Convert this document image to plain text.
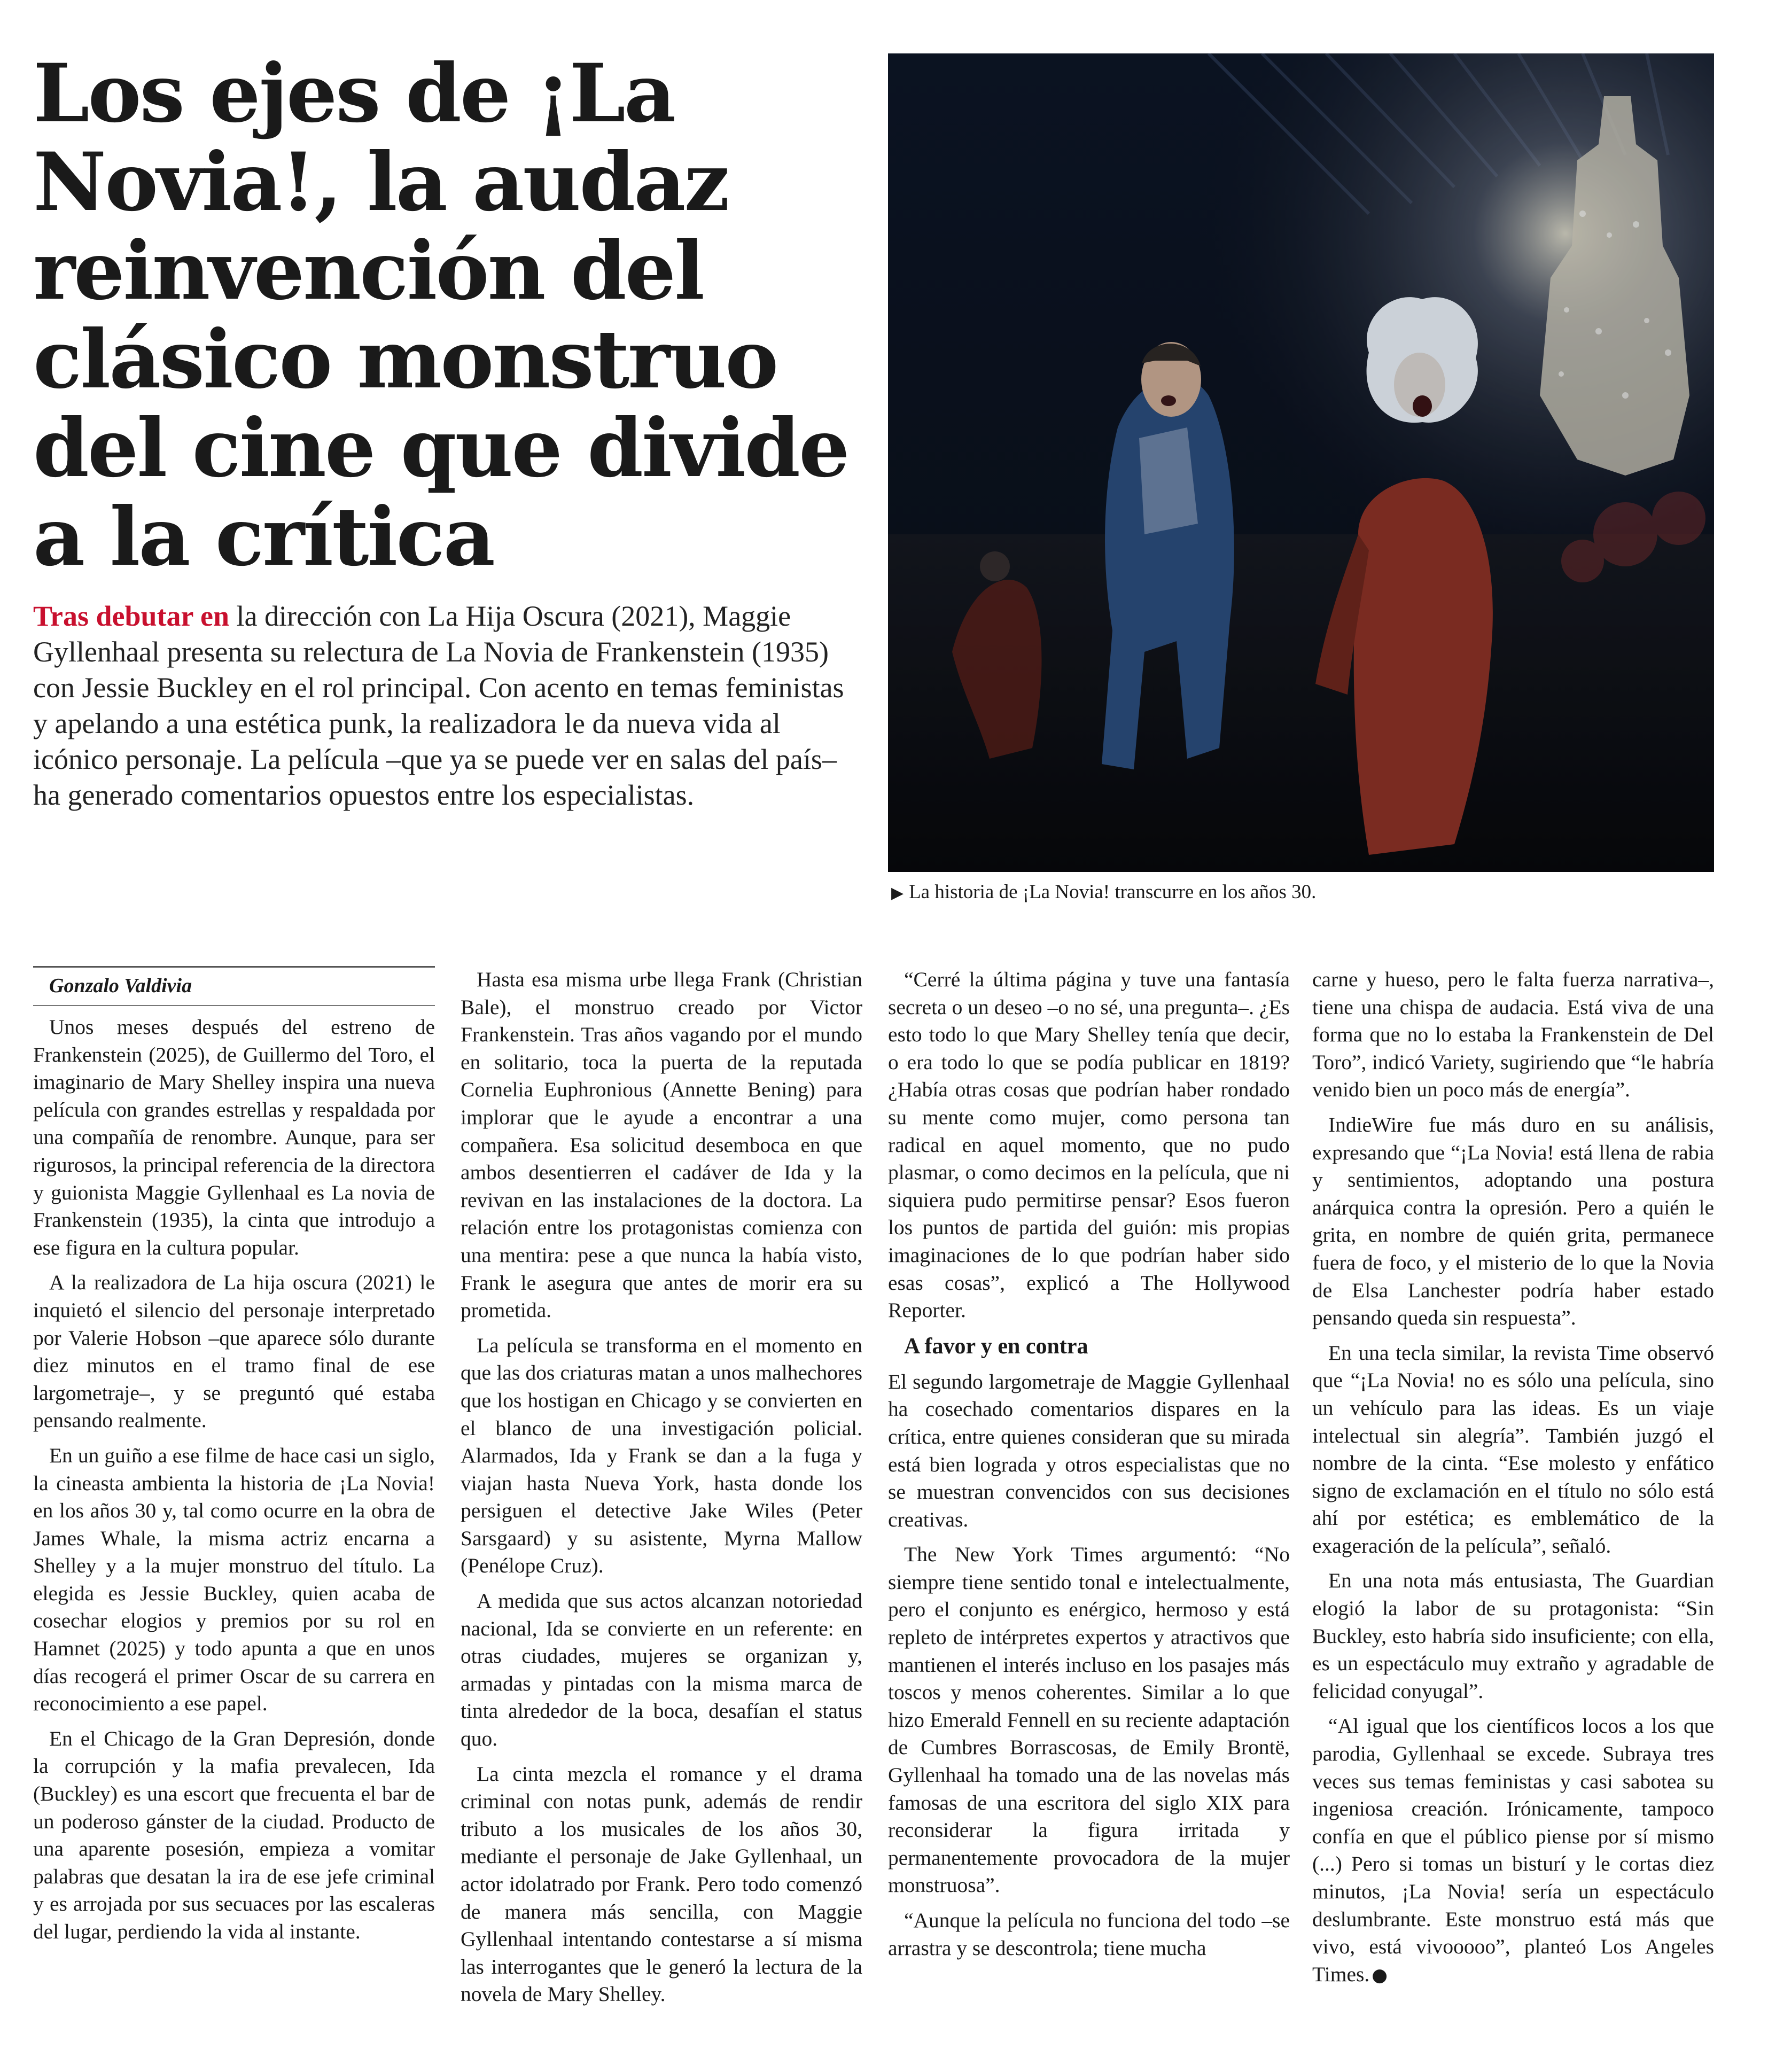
Los ejes de ¡La Novia!, la audaz reinvención del clásico monstruo del cine que divide a la crítica

Tras debutar en la dirección con La Hija Oscura (2021), Maggie Gyllenhaal presenta su relectura de La Novia de Frankenstein (1935) con Jessie Buckley en el rol principal. Con acento en temas feministas y apelando a una estética punk, la realizadora le da nueva vida al icónico personaje. La película –que ya se puede ver en salas del país– ha generado comentarios opuestos entre los especialistas.

▶ La historia de ¡La Novia! transcurre en los años 30.

Gonzalo Valdivia

Unos meses después del estreno de Frankenstein (2025), de Guillermo del Toro, el imaginario de Mary Shelley inspira una nueva película con grandes estrellas y respaldada por una compañía de renombre. Aunque, para ser rigurosos, la principal referencia de la directora y guionista Maggie Gyllenhaal es La novia de Frankenstein (1935), la cinta que introdujo a ese figura en la cultura popular.

A la realizadora de La hija oscura (2021) le inquietó el silencio del personaje interpretado por Valerie Hobson –que aparece sólo durante diez minutos en el tramo final de ese largometraje–, y se preguntó qué estaba pensando realmente.

En un guiño a ese filme de hace casi un siglo, la cineasta ambienta la historia de ¡La Novia! en los años 30 y, tal como ocurre en la obra de James Whale, la misma actriz encarna a Shelley y a la mujer monstruo del título. La elegida es Jessie Buckley, quien acaba de cosechar elogios y premios por su rol en Hamnet (2025) y todo apunta a que en unos días recogerá el primer Oscar de su carrera en reconocimiento a ese papel.

En el Chicago de la Gran Depresión, donde la corrupción y la mafia prevalecen, Ida (Buckley) es una escort que frecuenta el bar de un poderoso gánster de la ciudad. Producto de una aparente posesión, empieza a vomitar palabras que desatan la ira de ese jefe criminal y es arrojada por sus secuaces por las escaleras del lugar, perdiendo la vida al instante.

Hasta esa misma urbe llega Frank (Christian Bale), el monstruo creado por Victor Frankenstein. Tras años vagando por el mundo en solitario, toca la puerta de la reputada Cornelia Euphronious (Annette Bening) para implorar que le ayude a encontrar a una compañera. Esa solicitud desemboca en que ambos desentierren el cadáver de Ida y la revivan en las instalaciones de la doctora. La relación entre los protagonistas comienza con una mentira: pese a que nunca la había visto, Frank le asegura que antes de morir era su prometida.

La película se transforma en el momento en que las dos criaturas matan a unos malhechores que los hostigan en Chicago y se convierten en el blanco de una investigación policial. Alarmados, Ida y Frank se dan a la fuga y viajan hasta Nueva York, hasta donde los persiguen el detective Jake Wiles (Peter Sarsgaard) y su asistente, Myrna Mallow (Penélope Cruz).

A medida que sus actos alcanzan notoriedad nacional, Ida se convierte en un referente: en otras ciudades, mujeres se organizan y, armadas y pintadas con la misma marca de tinta alrededor de la boca, desafían el status quo.

La cinta mezcla el romance y el drama criminal con notas punk, además de rendir tributo a los musicales de los años 30, mediante el personaje de Jake Gyllenhaal, un actor idolatrado por Frank. Pero todo comenzó de manera más sencilla, con Maggie Gyllenhaal intentando contestarse a sí misma las interrogantes que le generó la lectura de la novela de Mary Shelley.

“Cerré la última página y tuve una fantasía secreta o un deseo –o no sé, una pregunta–. ¿Es esto todo lo que Mary Shelley tenía que decir, o era todo lo que se podía publicar en 1819? ¿Había otras cosas que podrían haber rondado su mente como mujer, como persona tan radical en aquel momento, que no pudo plasmar, o como decimos en la película, que ni siquiera pudo permitirse pensar? Esos fueron los puntos de partida del guión: mis propias imaginaciones de lo que podrían haber sido esas cosas”, explicó a The Hollywood Reporter.

A favor y en contra

El segundo largometraje de Maggie Gyllenhaal ha cosechado comentarios dispares en la crítica, entre quienes consideran que su mirada está bien lograda y otros especialistas que no se muestran convencidos con sus decisiones creativas.

The New York Times argumentó: “No siempre tiene sentido tonal e intelectualmente, pero el conjunto es enérgico, hermoso y está repleto de intérpretes expertos y atractivos que mantienen el interés incluso en los pasajes más toscos y menos coherentes. Similar a lo que hizo Emerald Fennell en su reciente adaptación de Cumbres Borrascosas, de Emily Brontë, Gyllenhaal ha tomado una de las novelas más famosas de una escritora del siglo XIX para reconsiderar la figura irritada y permanentemente provocadora de la mujer monstruosa”.

“Aunque la película no funciona del todo –se arrastra y se descontrola; tiene mucha

carne y hueso, pero le falta fuerza narrativa–, tiene una chispa de audacia. Está viva de una forma que no lo estaba la Frankenstein de Del Toro”, indicó Variety, sugiriendo que “le habría venido bien un poco más de energía”.

IndieWire fue más duro en su análisis, expresando que “¡La Novia! está llena de rabia y sentimientos, adoptando una postura anárquica contra la opresión. Pero a quién le grita, en nombre de quién grita, permanece fuera de foco, y el misterio de lo que la Novia de Elsa Lanchester podría haber estado pensando queda sin respuesta”.

En una tecla similar, la revista Time observó que “¡La Novia! no es sólo una película, sino un vehículo para las ideas. Es un viaje intelectual sin alegría”. También juzgó el nombre de la cinta. “Ese molesto y enfático signo de exclamación en el título no sólo está ahí por estética; es emblemático de la exageración de la película”, señaló.

En una nota más entusiasta, The Guardian elogió la labor de su protagonista: “Sin Buckley, esto habría sido insuficiente; con ella, es un espectáculo muy extraño y agradable de felicidad conyugal”.

“Al igual que los científicos locos a los que parodia, Gyllenhaal se excede. Subraya tres veces sus temas feministas y casi sabotea su ingeniosa creación. Irónicamente, tampoco confía en que el público piense por sí mismo (...) Pero si tomas un bisturí y le cortas diez minutos, ¡La Novia! sería un espectáculo deslumbrante. Este monstruo está más que vivo, está vivooooo”, planteó Los Angeles Times. ●
